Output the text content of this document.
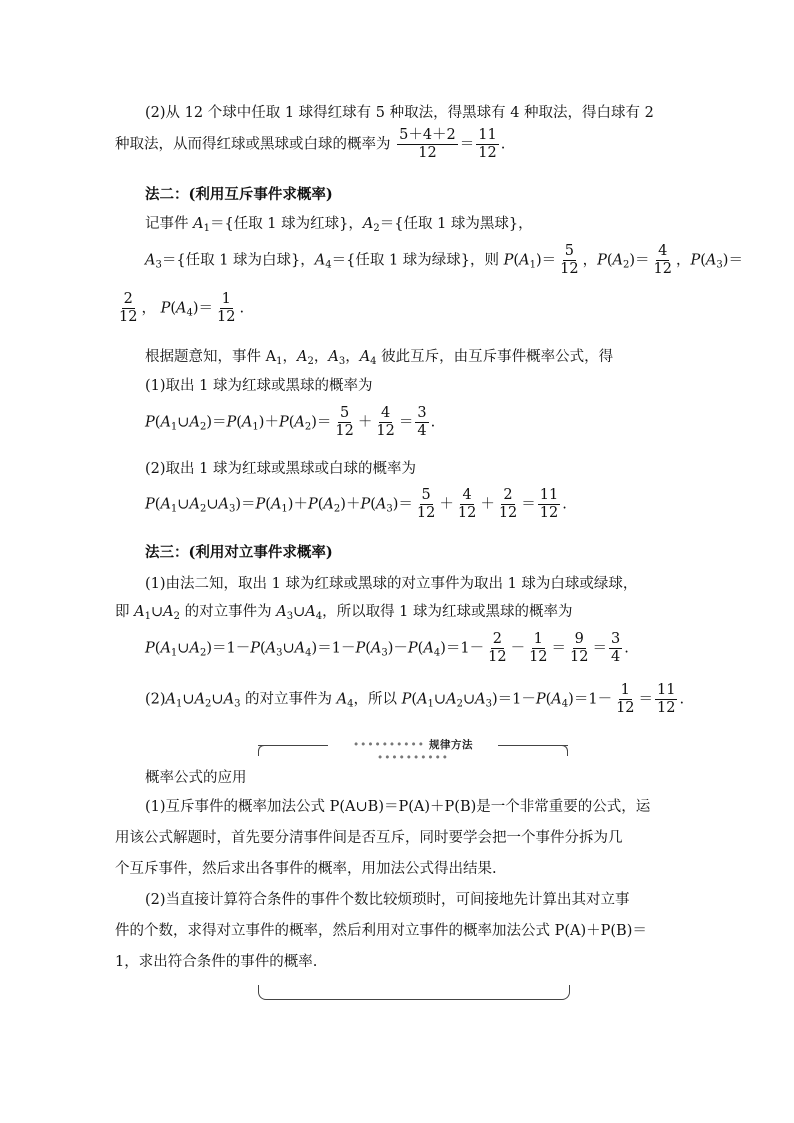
(2)从 12 个球中任取 1 球得红球有 5 种取法，得黑球有 4 种取法，得白球有 2
种取法，从而得红球或黑球或白球的概率为 $\frac{5+4+2}{12} = \frac{11}{12}$ .
法二：(利用互斥事件求概率)
记事件 $A_1=${任取 1 球为红球}，$A_2=${任取 1 球为黑球}，
$A_3=${任取 1 球为白球}，$A_4=${任取 1 球为绿球}，则 $P(A_1)= \frac{5}{12}$ ，$P(A_2)= \frac{4}{12}$ ，$P(A_3)=$
$\frac{2}{12}$ ， $P(A_4)= \frac{1}{12}$ .
根据题意知，事件 $A_1$，$A_2$，$A_3$，$A_4$ 彼此互斥，由互斥事件概率公式，得
(1)取出 1 球为红球或黑球的概率为
$P(A_1\cup A_2)=P(A_1)+P(A_2)= \frac{5}{12} + \frac{4}{12} = \frac{3}{4}$ .
(2)取出 1 球为红球或黑球或白球的概率为
$P(A_1\cup A_2\cup A_3)=P(A_1)+P(A_2)+P(A_3)= \frac{5}{12} + \frac{4}{12} + \frac{2}{12} = \frac{11}{12}$ .
法三：(利用对立事件求概率)
(1)由法二知，取出 1 球为红球或黑球的对立事件为取出 1 球为白球或绿球，
即 $A_1\cup A_2$ 的对立事件为 $A_3\cup A_4$，所以取得 1 球为红球或黑球的概率为
$P(A_1\cup A_2)=1-P(A_3\cup A_4)=1-P(A_3)-P(A_4)=1- \frac{2}{12} - \frac{1}{12} = \frac{9}{12} = \frac{3}{4}$ .
$(2)A_1\cup A_2\cup A_3$ 的对立事件为 $A_4$，所以 $P(A_1\cup A_2\cup A_3)=1-P(A_4)=1- \frac{1}{12} = \frac{11}{12}$ .
•••••••••• 规律方法 ••••••••••
概率公式的应用
(1)互斥事件的概率加法公式 P(A∪B)＝P(A)＋P(B)是一个非常重要的公式，运
用该公式解题时，首先要分清事件间是否互斥，同时要学会把一个事件分拆为几
个互斥事件，然后求出各事件的概率，用加法公式得出结果.
(2)当直接计算符合条件的事件个数比较烦琐时，可间接地先计算出其对立事
件的个数，求得对立事件的概率，然后利用对立事件的概率加法公式 P(A)＋P(B)＝
1，求出符合条件的事件的概率.
